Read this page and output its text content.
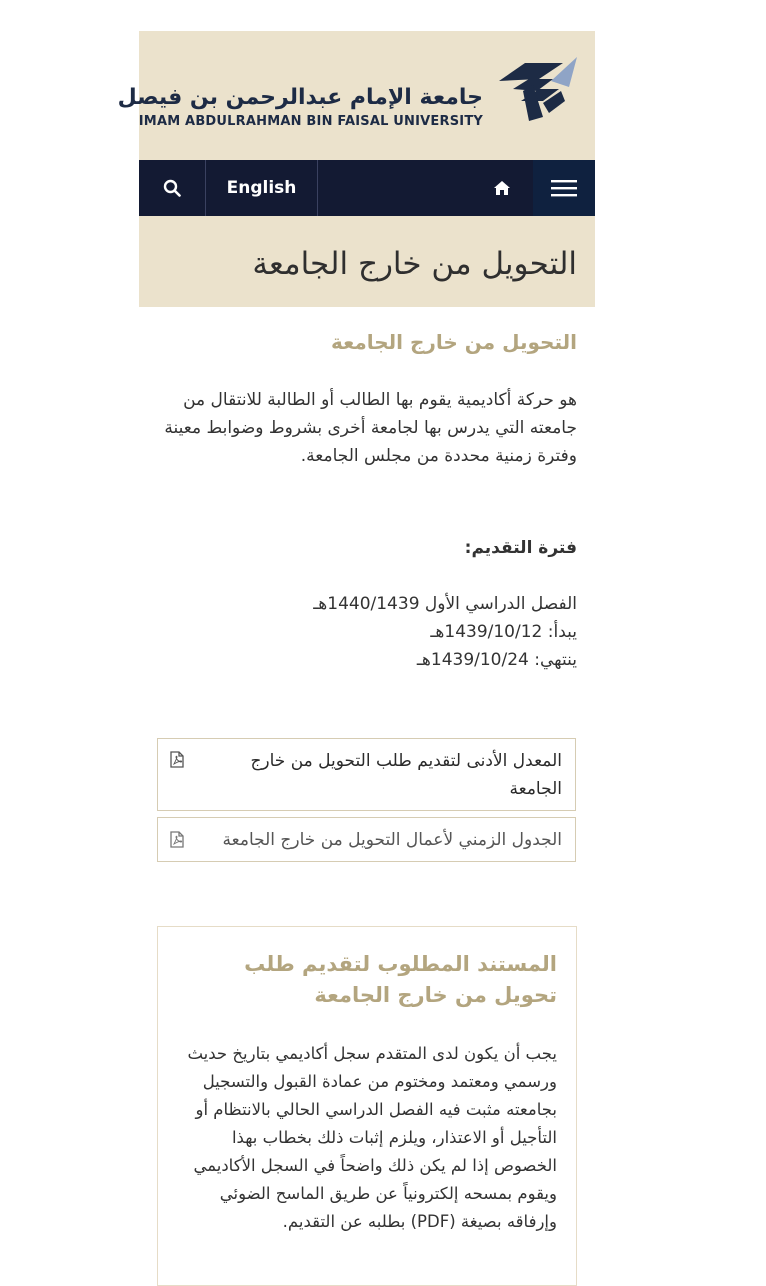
جامعة الإمام عبدالرحمن بن فيصل
IMAM ABDULRAHMAN BIN FAISAL UNIVERSITY
English
التحويل من خارج الجامعة
التحويل من خارج الجامعة

هو حركة أكاديمية يقوم بها الطالب أو الطالبة للانتقال من جامعته التي يدرس بها لجامعة أخرى بشروط وضوابط معينة وفترة زمنية محددة من مجلس الجامعة.

فترة التقديم:

الفصل الدراسي الأول 1440/1439هـ
يبدأ: 1439/10/12هـ
ينتهي: 1439/10/24هـ
المعدل الأدنى لتقديم طلب التحويل من خارج الجامعة
الجدول الزمني لأعمال التحويل من خارج الجامعة
المستند المطلوب لتقديم طلب تحويل من خارج الجامعة

يجب أن يكون لدى المتقدم سجل أكاديمي بتاريخ حديث ورسمي ومعتمد ومختوم من عمادة القبول والتسجيل بجامعته مثبت فيه الفصل الدراسي الحالي بالانتظام أو التأجيل أو الاعتذار، ويلزم إثبات ذلك بخطاب بهذا الخصوص إذا لم يكن ذلك واضحاً في السجل الأكاديمي ويقوم بمسحه إلكترونياً عن طريق الماسح الضوئي وإرفاقه بصيغة (PDF) بطلبه عن التقديم.
